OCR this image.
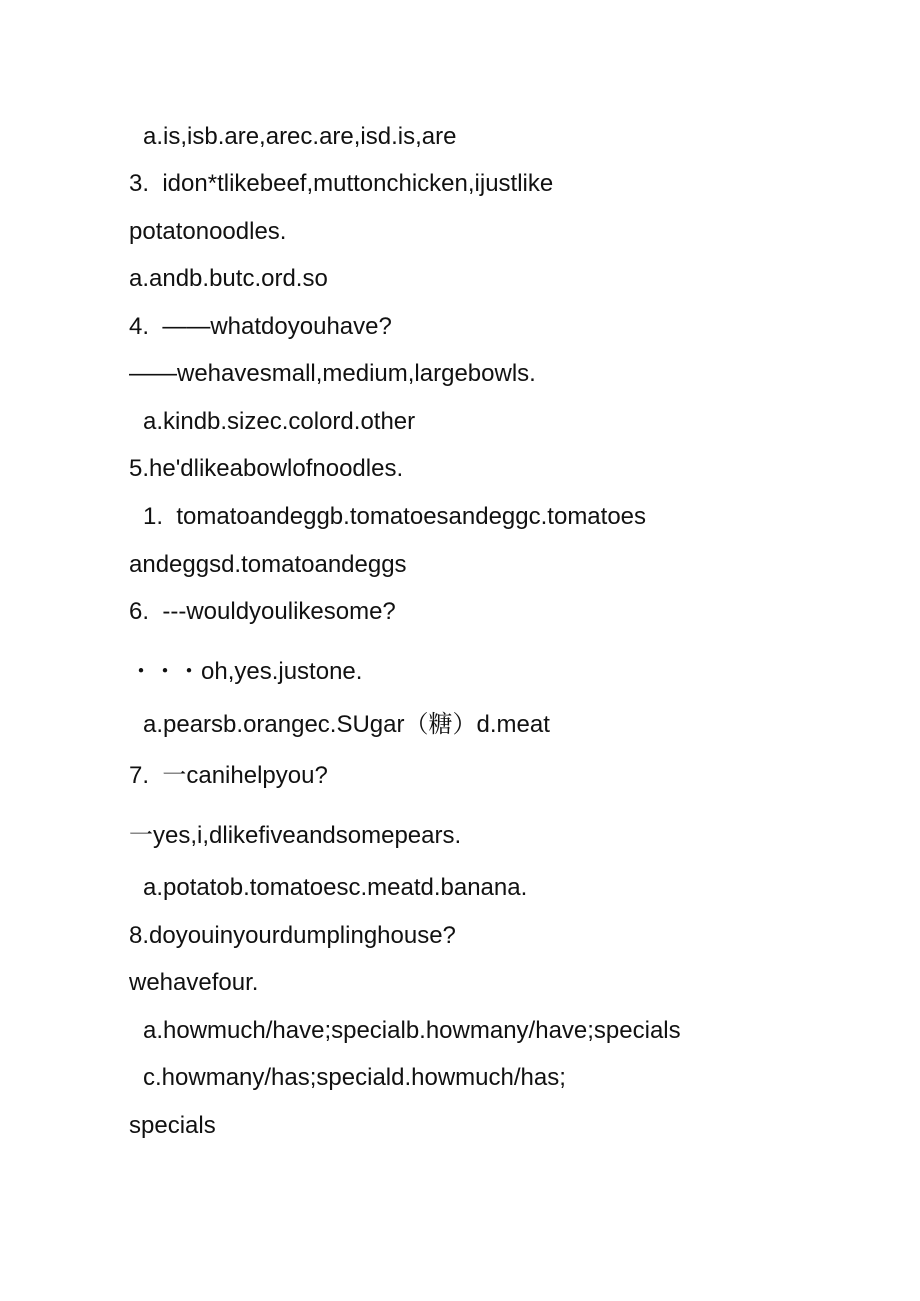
a.is,isb.are,arec.are,isd.is,are
3.  idon*tlikebeef,muttonchicken,ijustlike
potatonoodles.
a.andb.butc.ord.so
4.  ——whatdoyouhave?
——wehavesmall,medium,largebowls.
a.kindb.sizec.colord.other
5.he'dlikeabowlofnoodles.
1.  tomatoandeggb.tomatoesandeggc.tomatoes
andeggsd.tomatoandeggs
6.  ---wouldyoulikesome?
・・・oh,yes.justone.
a.pearsb.orangec.SUgar（糖）d.meat
7.  一canihelpyou?
一yes,i,dlikefiveandsomepears.
a.potatob.tomatoesc.meatd.banana.
8.doyouinyourdumplinghouse?
wehavefour.
a.howmuch/have;specialb.howmany/have;specials
c.howmany/has;speciald.howmuch/has;
specials
